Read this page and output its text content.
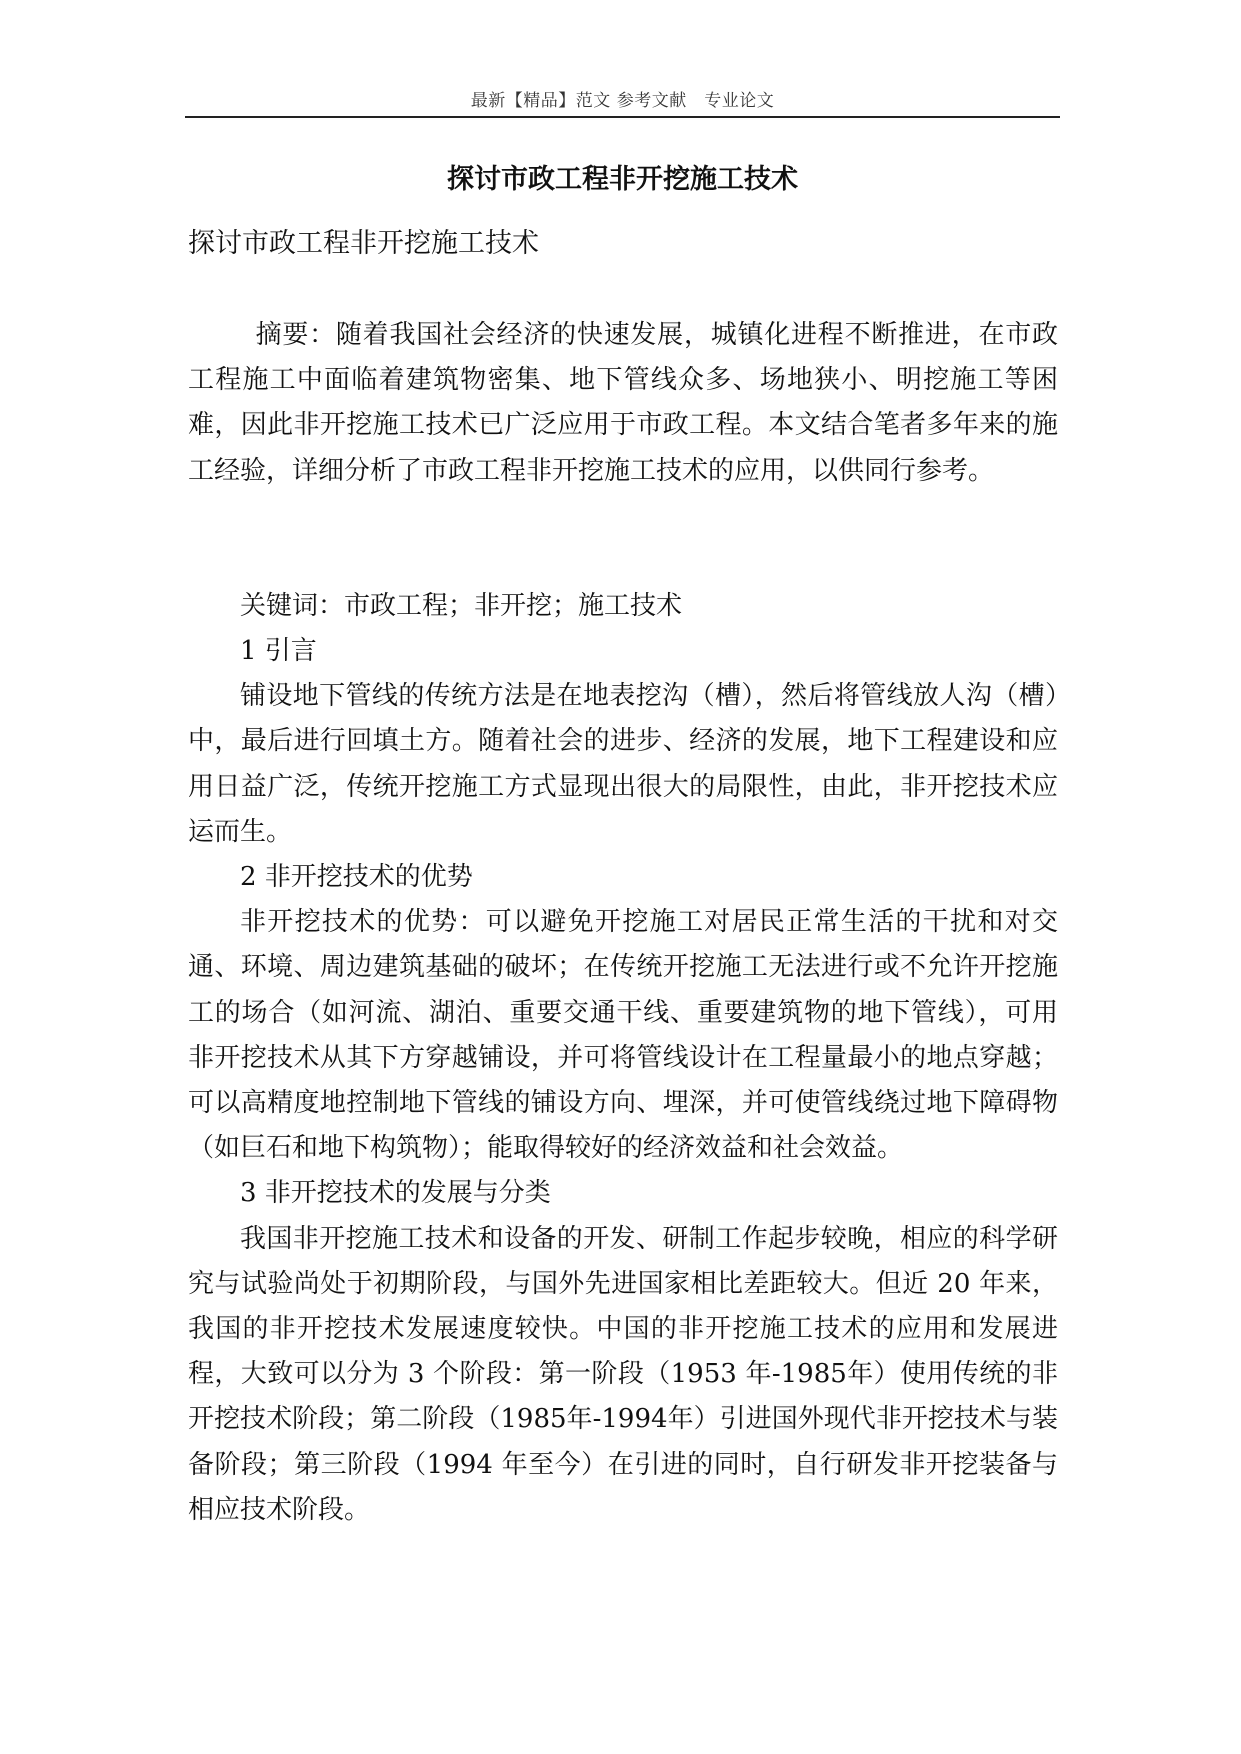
最新【精品】范文 参考文献　专业论文
探讨市政工程非开挖施工技术
探讨市政工程非开挖施工技术

摘要：随着我国社会经济的快速发展，城镇化进程不断推进，在市政工程施工中面临着建筑物密集、地下管线众多、场地狭小、明挖施工等困难，因此非开挖施工技术已广泛应用于市政工程。本文结合笔者多年来的施工经验，详细分析了市政工程非开挖施工技术的应用，以供同行参考。

关键词：市政工程；非开挖；施工技术

1 引言

铺设地下管线的传统方法是在地表挖沟（槽），然后将管线放人沟（槽）中，最后进行回填土方。随着社会的进步、经济的发展，地下工程建设和应用日益广泛，传统开挖施工方式显现出很大的局限性，由此，非开挖技术应运而生。

2 非开挖技术的优势

非开挖技术的优势：可以避免开挖施工对居民正常生活的干扰和对交通、环境、周边建筑基础的破坏；在传统开挖施工无法进行或不允许开挖施工的场合（如河流、湖泊、重要交通干线、重要建筑物的地下管线），可用非开挖技术从其下方穿越铺设，并可将管线设计在工程量最小的地点穿越；可以高精度地控制地下管线的铺设方向、埋深，并可使管线绕过地下障碍物（如巨石和地下构筑物）；能取得较好的经济效益和社会效益。

3 非开挖技术的发展与分类

我国非开挖施工技术和设备的开发、研制工作起步较晚，相应的科学研究与试验尚处于初期阶段，与国外先进国家相比差距较大。但近 20 年来，我国的非开挖技术发展速度较快。中国的非开挖施工技术的应用和发展进程，大致可以分为 3 个阶段：第一阶段（1953 年-1985年）使用传统的非开挖技术阶段；第二阶段（1985年-1994年）引进国外现代非开挖技术与装备阶段；第三阶段（1994 年至今）在引进的同时，自行研发非开挖装备与相应技术阶段。
